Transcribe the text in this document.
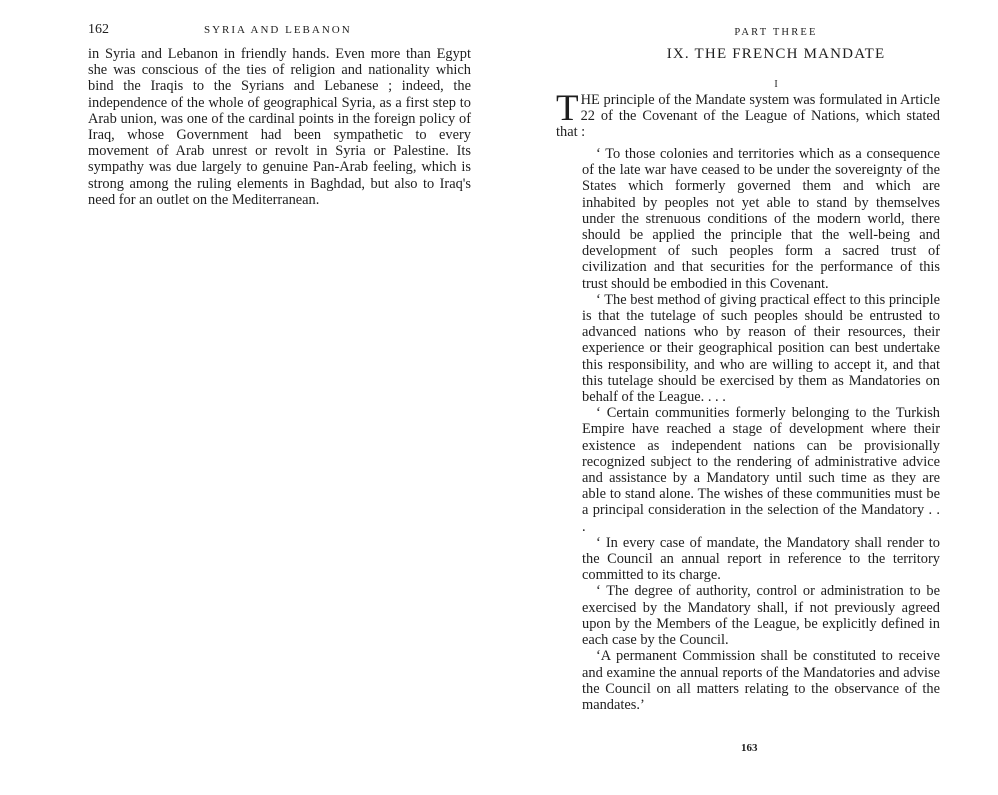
162	SYRIA AND LEBANON

in Syria and Lebanon in friendly hands. Even more than Egypt she was conscious of the ties of religion and nationality which bind the Iraqis to the Syrians and Lebanese ; indeed, the independence of the whole of geographical Syria, as a first step to Arab union, was one of the cardinal points in the foreign policy of Iraq, whose Government had been sympathetic to every movement of Arab unrest or revolt in Syria or Palestine. Its sympathy was due largely to genuine Pan-Arab feeling, which is strong among the ruling elements in Baghdad, but also to Iraq's need for an outlet on the Mediterranean.

PART THREE
IX. THE FRENCH MANDATE
I

THE principle of the Mandate system was formulated in Article 22 of the Covenant of the League of Nations, which stated that :

‘ To those colonies and territories which as a consequence of the late war have ceased to be under the sovereignty of the States which formerly governed them and which are inhabited by peoples not yet able to stand by themselves under the strenuous conditions of the modern world, there should be applied the principle that the well-being and development of such peoples form a sacred trust of civilization and that securities for the performance of this trust should be embodied in this Covenant.

‘ The best method of giving practical effect to this principle is that the tutelage of such peoples should be entrusted to advanced nations who by reason of their resources, their experience or their geographical position can best undertake this responsibility, and who are willing to accept it, and that this tutelage should be exercised by them as Mandatories on behalf of the League. . . .

‘ Certain communities formerly belonging to the Turkish Empire have reached a stage of development where their existence as independent nations can be provisionally recognized subject to the rendering of administrative advice and assistance by a Mandatory until such time as they are able to stand alone. The wishes of these communities must be a principal consideration in the selection of the Mandatory . . .

‘ In every case of mandate, the Mandatory shall render to the Council an annual report in reference to the territory committed to its charge.

‘ The degree of authority, control or administration to be exercised by the Mandatory shall, if not previously agreed upon by the Members of the League, be explicitly defined in each case by the Council.

‘A permanent Commission shall be constituted to receive and examine the annual reports of the Mandatories and advise the Council on all matters relating to the observance of the mandates.’

163
